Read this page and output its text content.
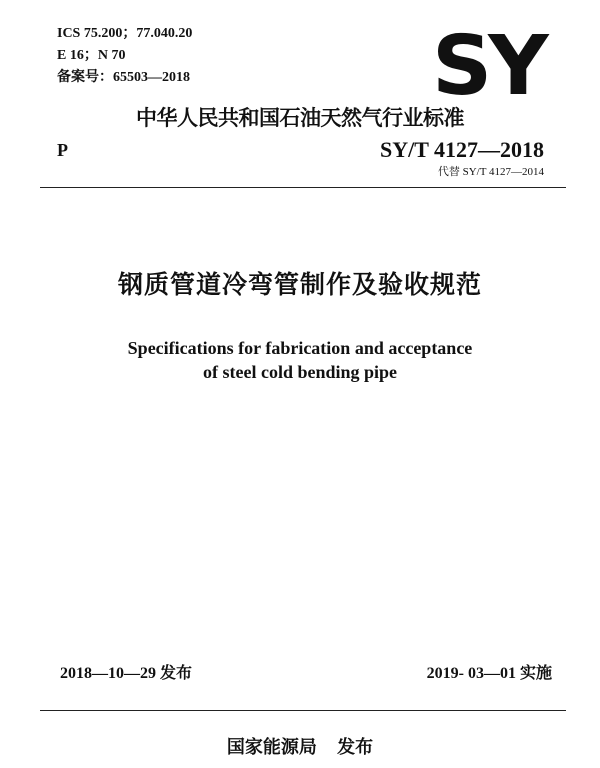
ICS 75.200；77.040.20
E 16；N 70
备案号：65503—2018	SY
中华人民共和国石油天然气行业标准
P	SY/T 4127—2018
代替 SY/T 4127—2014
钢质管道冷弯管制作及验收规范
Specifications for fabrication and acceptance
of steel cold bending pipe
2018—10—29 发布	2019- 03—01 实施
国家能源局 发布
